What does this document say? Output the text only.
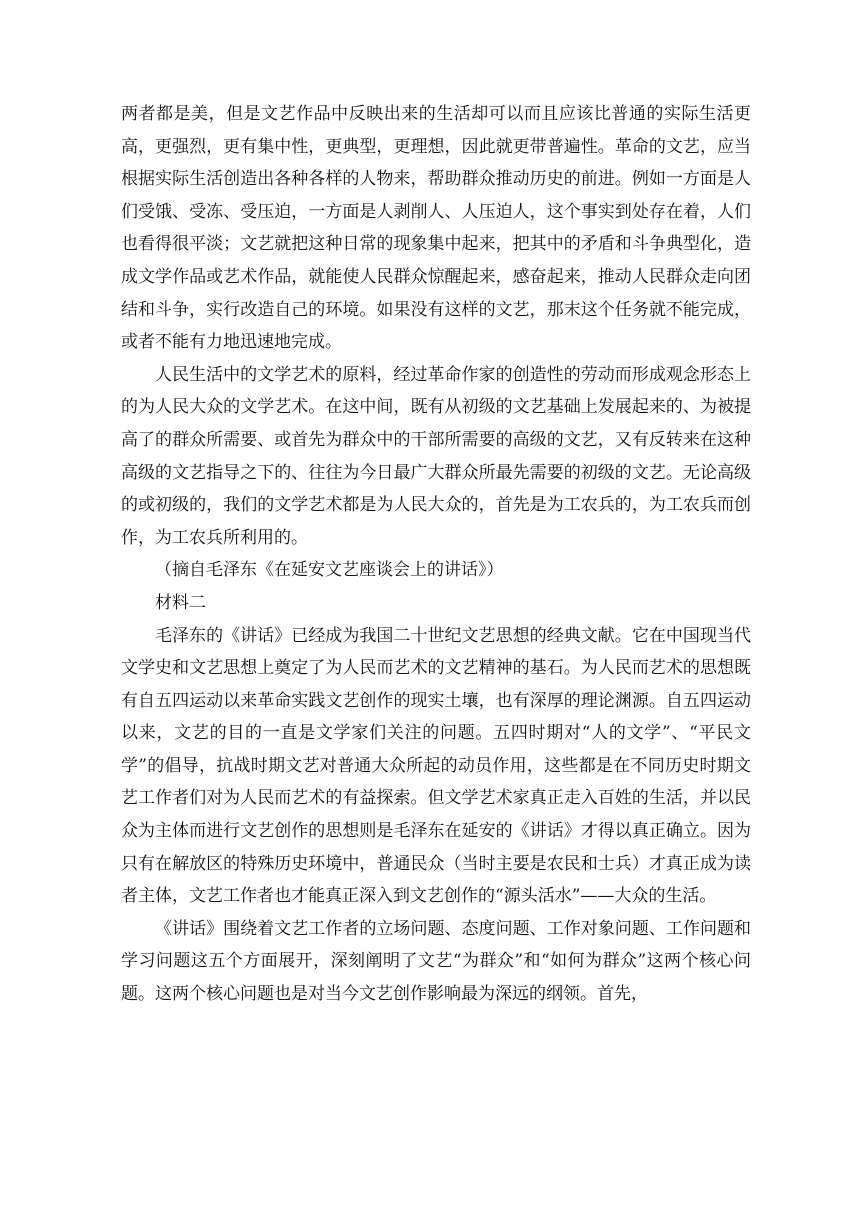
两者都是美，但是文艺作品中反映出来的生活却可以而且应该比普通的实际生活更高，更强烈，更有集中性，更典型，更理想，因此就更带普遍性。革命的文艺，应当根据实际生活创造出各种各样的人物来，帮助群众推动历史的前进。例如一方面是人们受饿、受冻、受压迫，一方面是人剥削人、人压迫人，这个事实到处存在着，人们也看得很平淡；文艺就把这种日常的现象集中起来，把其中的矛盾和斗争典型化，造成文学作品或艺术作品，就能使人民群众惊醒起来，感奋起来，推动人民群众走向团结和斗争，实行改造自己的环境。如果没有这样的文艺，那末这个任务就不能完成，或者不能有力地迅速地完成。

人民生活中的文学艺术的原料，经过革命作家的创造性的劳动而形成观念形态上的为人民大众的文学艺术。在这中间，既有从初级的文艺基础上发展起来的、为被提高了的群众所需要、或首先为群众中的干部所需要的高级的文艺，又有反转来在这种高级的文艺指导之下的、往往为今日最广大群众所最先需要的初级的文艺。无论高级的或初级的，我们的文学艺术都是为人民大众的，首先是为工农兵的，为工农兵而创作，为工农兵所利用的。

（摘自毛泽东《在延安文艺座谈会上的讲话》）

材料二

毛泽东的《讲话》已经成为我国二十世纪文艺思想的经典文献。它在中国现当代文学史和文艺思想上奠定了为人民而艺术的文艺精神的基石。为人民而艺术的思想既有自五四运动以来革命实践文艺创作的现实土壤，也有深厚的理论渊源。自五四运动以来，文艺的目的一直是文学家们关注的问题。五四时期对“人的文学”、“平民文学”的倡导，抗战时期文艺对普通大众所起的动员作用，这些都是在不同历史时期文艺工作者们对为人民而艺术的有益探索。但文学艺术家真正走入百姓的生活，并以民众为主体而进行文艺创作的思想则是毛泽东在延安的《讲话》才得以真正确立。因为只有在解放区的特殊历史环境中，普通民众（当时主要是农民和士兵）才真正成为读者主体，文艺工作者也才能真正深入到文艺创作的“源头活水”——大众的生活。

《讲话》围绕着文艺工作者的立场问题、态度问题、工作对象问题、工作问题和学习问题这五个方面展开，深刻阐明了文艺“为群众”和“如何为群众”这两个核心问题。这两个核心问题也是对当今文艺创作影响最为深远的纲领。首先，
